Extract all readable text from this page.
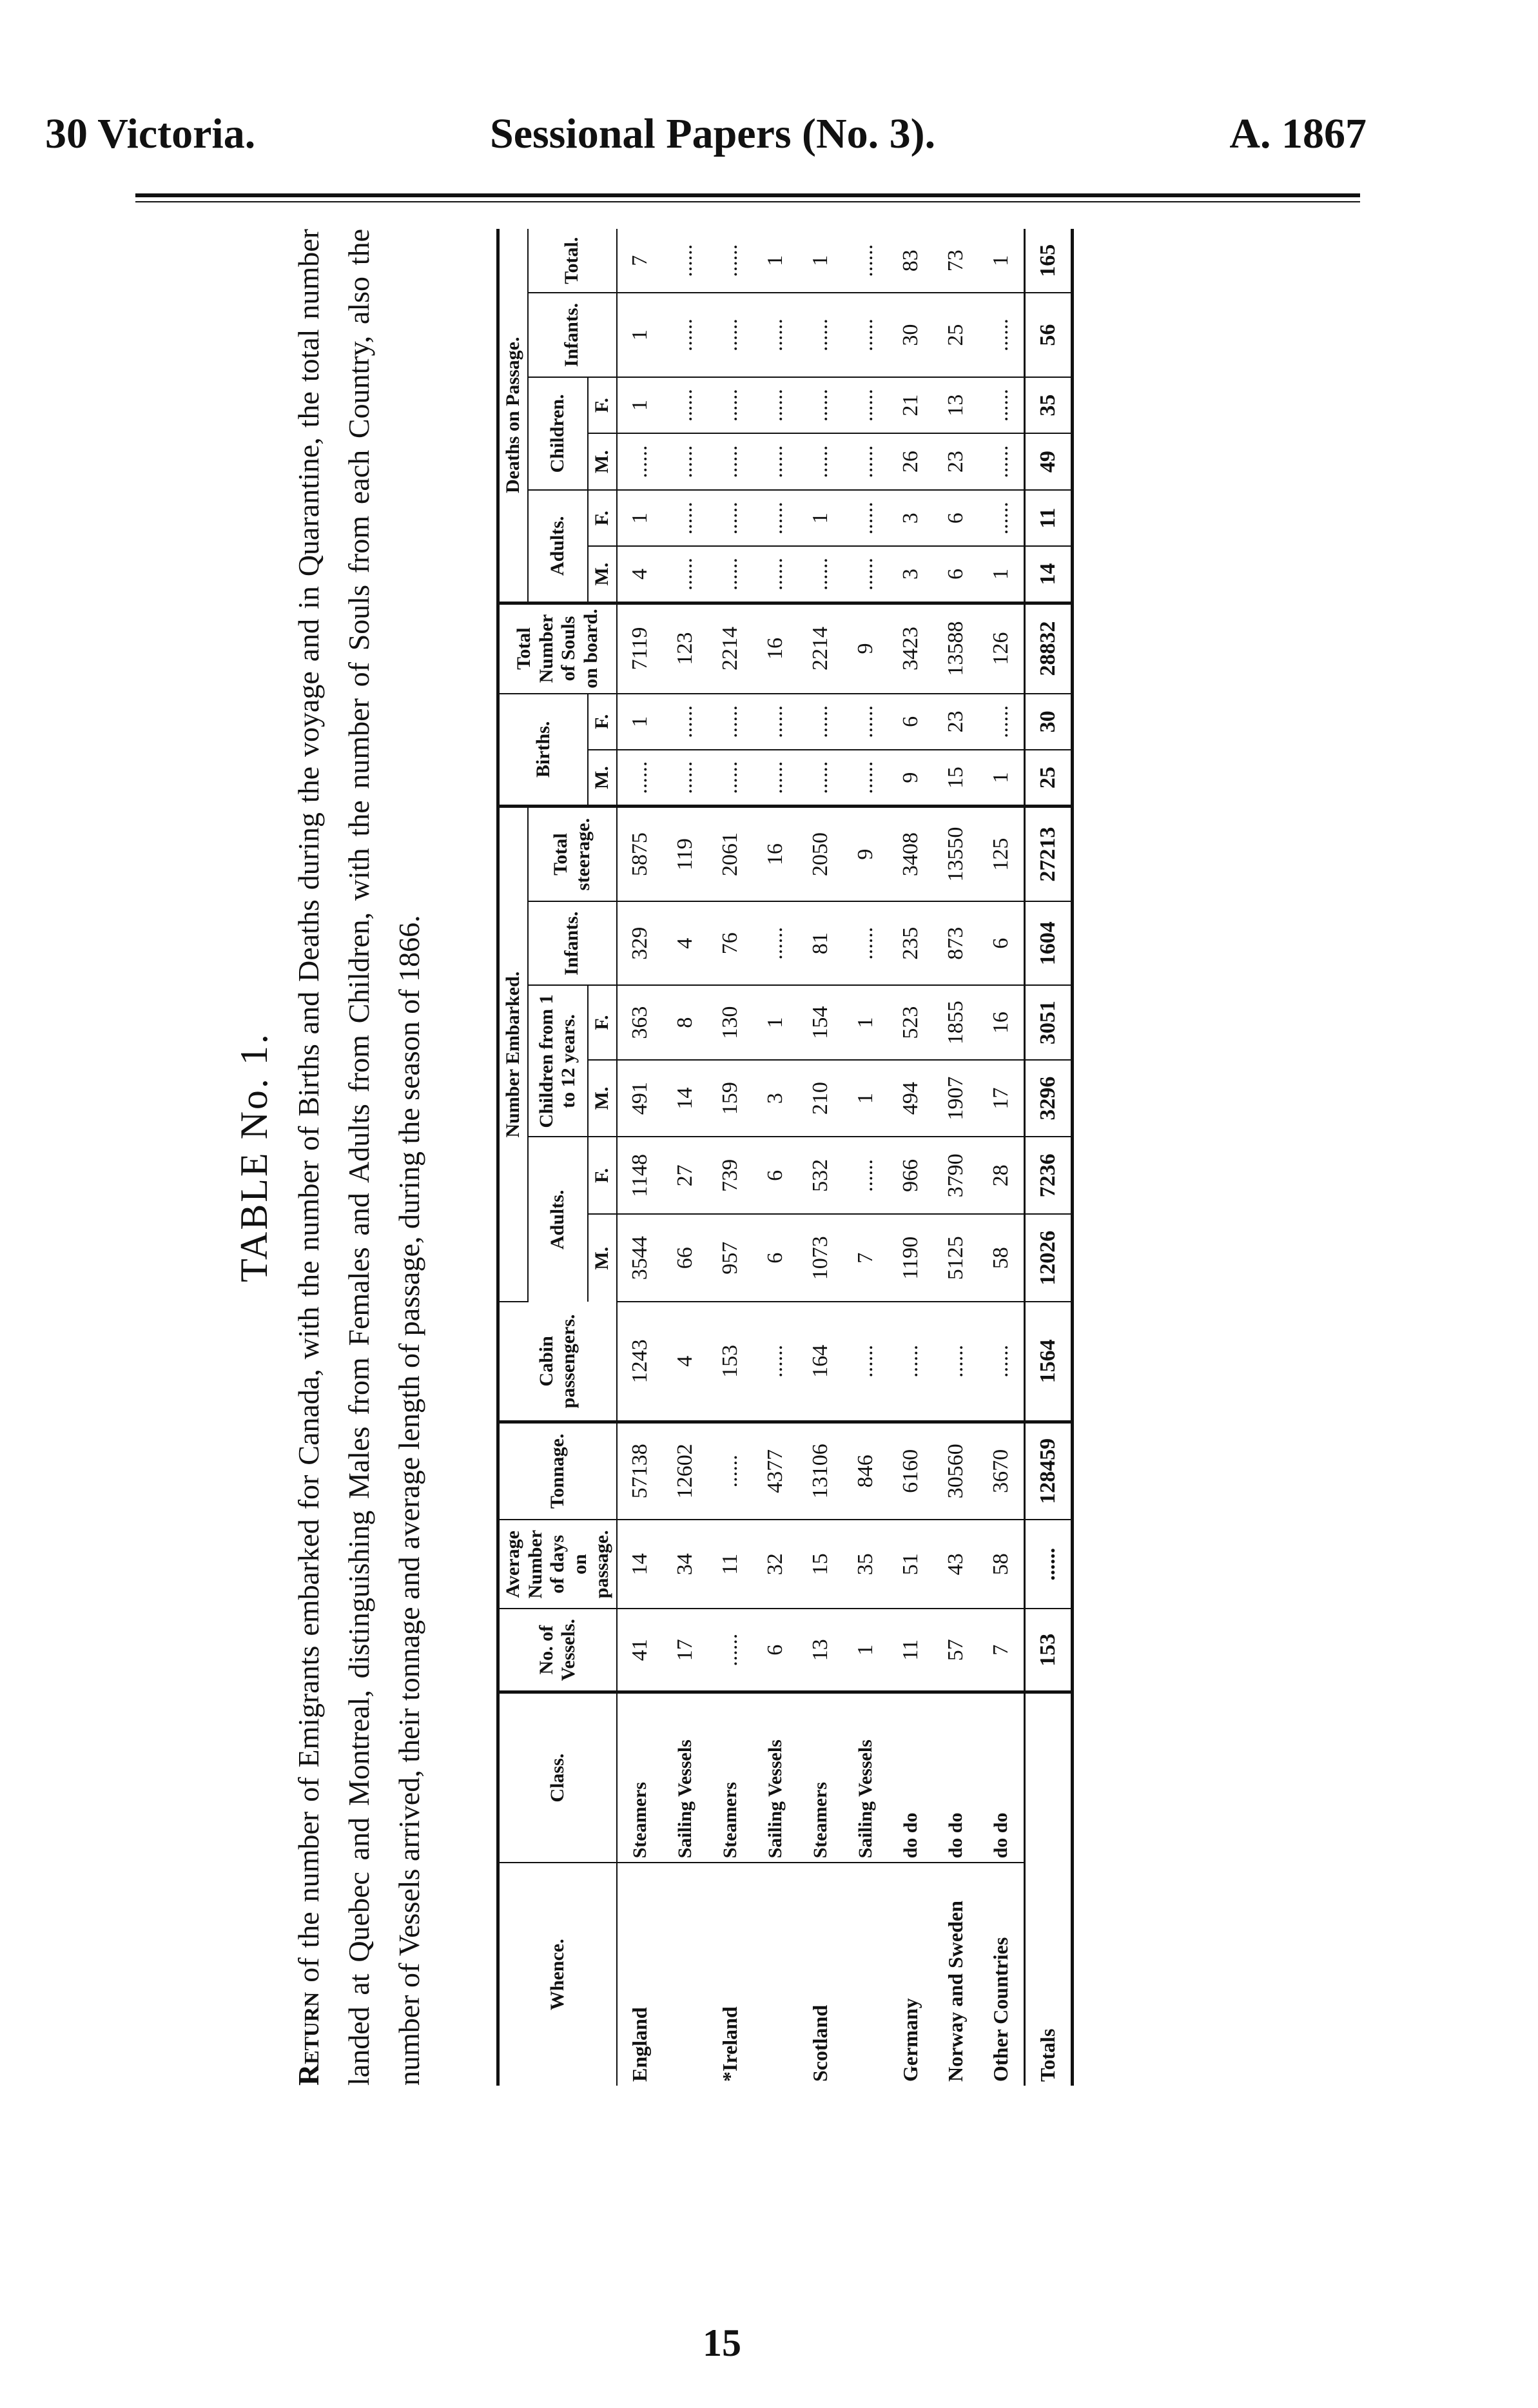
30 Victoria.	Sessional Papers (No. 3).	A. 1867
TABLE No. 1.
Return of the number of Emigrants embarked for Canada, with the number of Births and Deaths during the voyage and in Quarantine, the total number landed at Quebec and Montreal, distinguishing Males from Females and Adults from Children, with the number of Souls from each Country, also the number of Vessels arrived, their tonnage and average length of passage, during the season of 1866.	Whence.	Class.	No. of Vessels.	Average Number of days on passage.	Tonnage.	Cabin passengers.	Number Embarked.						Births.		Total Number of Souls on board.	Deaths on Passage.					
						Adults.		Children from 1 to 12 years.		Infants.	Total steerage.				Adults.		Children.		Infants.	Total.
						M.	F.	M.	F.			M.	F.		M.	F.	M.	F.		
England	Steamers	41	14	57138	1243	3544	1148	491	363	329	5875	......	1	7119	4	1	......	1	1	7
	Sailing Vessels	17	34	12602	4	66	27	14	8	4	119	......	......	123	......	......	......	......	......	......
*Ireland	Steamers	......	11	......	153	957	739	159	130	76	2061	......	......	2214	......	......	......	......	......	......
	Sailing Vessels	6	32	4377	......	6	6	3	1	......	16	......	......	16	......	......	......	......	......	1
Scotland	Steamers	13	15	13106	164	1073	532	210	154	81	2050	......	......	2214	......	1	......	......	......	1
	Sailing Vessels	1	35	846	......	7	......	1	1	......	9	......	......	9	......	......	......	......	......	......
Germany	do do	11	51	6160	......	1190	966	494	523	235	3408	9	6	3423	3	3	26	21	30	83
Norway and Sweden	do do	57	43	30560	......	5125	3790	1907	1855	873	13550	15	23	13588	6	6	23	13	25	73
Other Countries	do do	7	58	3670	......	58	28	17	16	6	125	1	......	126	1	......	......	......	......	1
Totals		153	......	128459	1564	12026	7236	3296	3051	1604	27213	25	30	28832	14	11	49	35	56	165
15
